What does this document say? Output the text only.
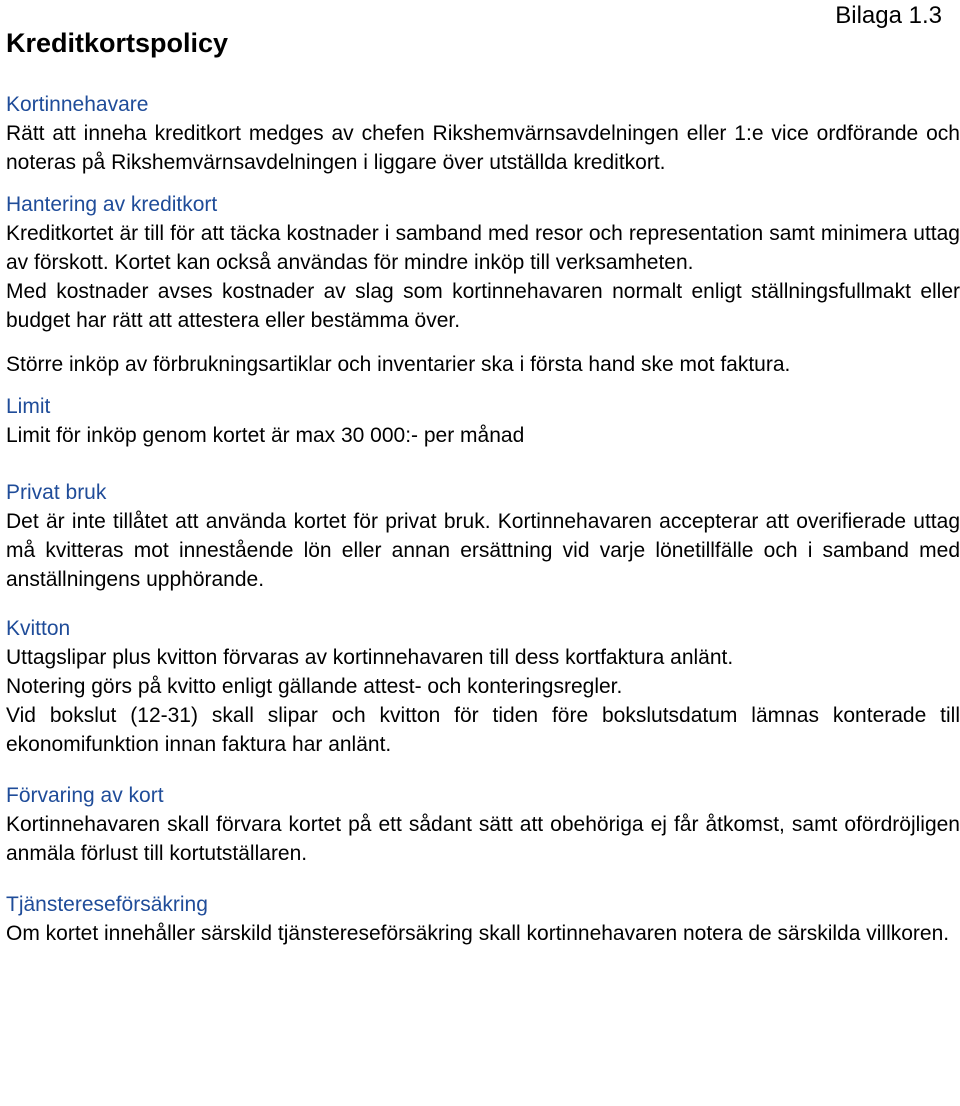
Bilaga 1.3
Kreditkortspolicy
Kortinnehavare

Rätt att inneha kreditkort medges av chefen Rikshemvärnsavdelningen eller 1:e vice ordförande och noteras på Rikshemvärnsavdelningen i liggare över utställda kreditkort.

Hantering av kreditkort

Kreditkortet är till för att täcka kostnader i samband med resor och representation samt minimera uttag av förskott. Kortet kan också användas för mindre inköp till verksamheten.

Med kostnader avses kostnader av slag som kortinnehavaren normalt enligt ställningsfullmakt eller budget har rätt att attestera eller bestämma över.

Större inköp av förbrukningsartiklar och inventarier ska i första hand ske mot faktura.

Limit

Limit för inköp genom kortet är max 30 000:- per månad

Privat bruk

Det är inte tillåtet att använda kortet för privat bruk. Kortinnehavaren accepterar att overifierade uttag må kvitteras mot innestående lön eller annan ersättning vid varje lönetillfälle och i samband med anställningens upphörande.

Kvitton

Uttagslipar plus kvitton förvaras av kortinnehavaren till dess kortfaktura anlänt.

Notering görs på kvitto enligt gällande attest- och konteringsregler.

Vid bokslut (12-31) skall slipar och kvitton för tiden före bokslutsdatum lämnas konterade till ekonomifunktion innan faktura har anlänt.

Förvaring av kort

Kortinnehavaren skall förvara kortet på ett sådant sätt att obehöriga ej får åtkomst, samt ofördröjligen anmäla förlust till kortutställaren.

Tjänstereseförsäkring

Om kortet innehåller särskild tjänstereseförsäkring skall kortinnehavaren notera de särskilda villkoren.
